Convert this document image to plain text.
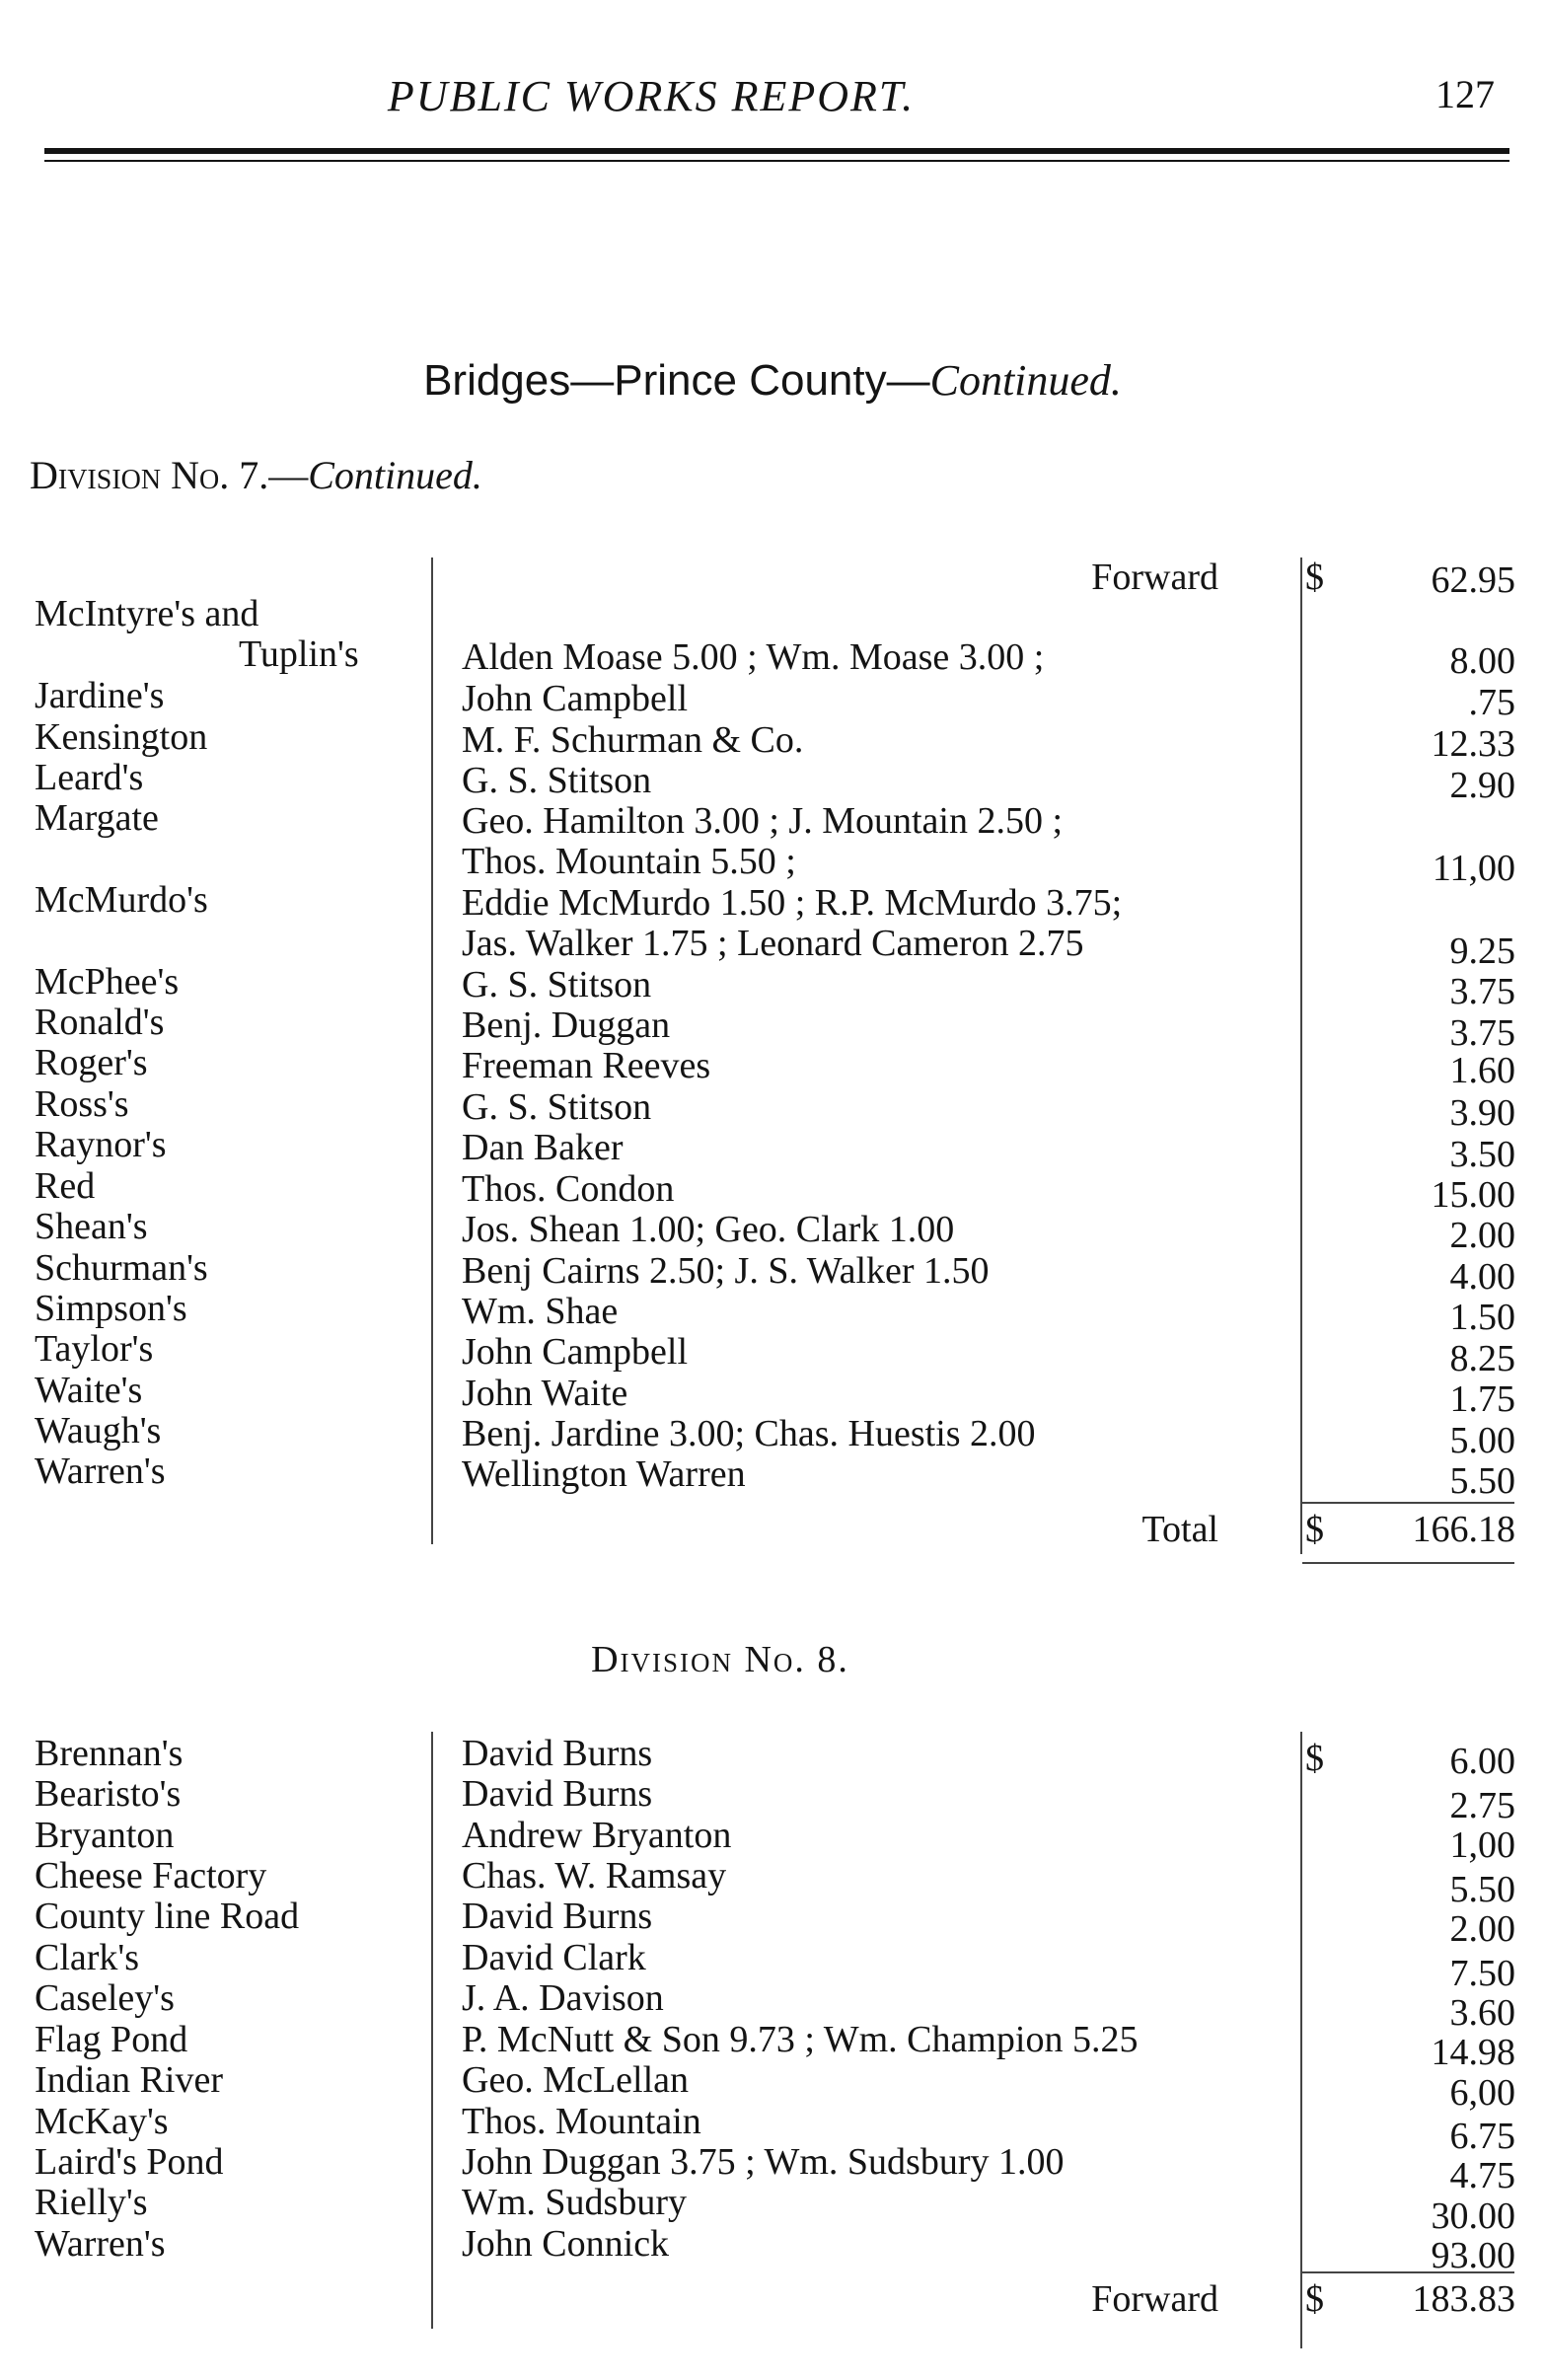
PUBLIC WORKS REPORT.	127
Bridges—Prince County—Continued.
Division No. 7.—Continued.
Forward $	62.95
McIntyre's and
Tuplin's	Alden Moase 5.00 ; Wm. Moase 3.00 ;	8.00
Jardine's	John Campbell	.75
Kensington	M. F. Schurman & Co.	12.33
Leard's	G. S. Stitson	2.90
Margate	Geo. Hamilton 3.00 ; J. Mountain 2.50 ;
Thos. Mountain 5.50 ;	11,00
McMurdo's	Eddie McMurdo 1.50 ; R.P. McMurdo 3.75;
Jas. Walker 1.75 ; Leonard Cameron 2.75	9.25
McPhee's	G. S. Stitson	3.75
Ronald's	Benj. Duggan	3.75
Roger's	Freeman Reeves	1.60
Ross's	G. S. Stitson	3.90
Raynor's	Dan Baker	3.50
Red	Thos. Condon	15.00
Shean's	Jos. Shean 1.00; Geo. Clark 1.00	2.00
Schurman's	Benj Cairns 2.50; J. S. Walker 1.50	4.00
Simpson's	Wm. Shae	1.50
Taylor's	John Campbell	8.25
Waite's	John Waite	1.75
Waugh's	Benj. Jardine 3.00; Chas. Huestis 2.00	5.00
Warren's	Wellington Warren	5.50
Total $	166.18
Division No. 8.
$
Brennan's	David Burns	6.00
Bearisto's	David Burns	2.75
Bryanton	Andrew Bryanton	1,00
Cheese Factory	Chas. W. Ramsay	5.50
County line Road	David Burns	2.00
Clark's	David Clark	7.50
Caseley's	J. A. Davison	3.60
Flag Pond	P. McNutt & Son 9.73 ; Wm. Champion 5.25	14.98
Indian River	Geo. McLellan	6,00
McKay's	Thos. Mountain	6.75
Laird's Pond	John Duggan 3.75 ; Wm. Sudsbury 1.00	4.75
Rielly's	Wm. Sudsbury	30.00
Warren's	John Connick	93.00
Forward $	183.83
